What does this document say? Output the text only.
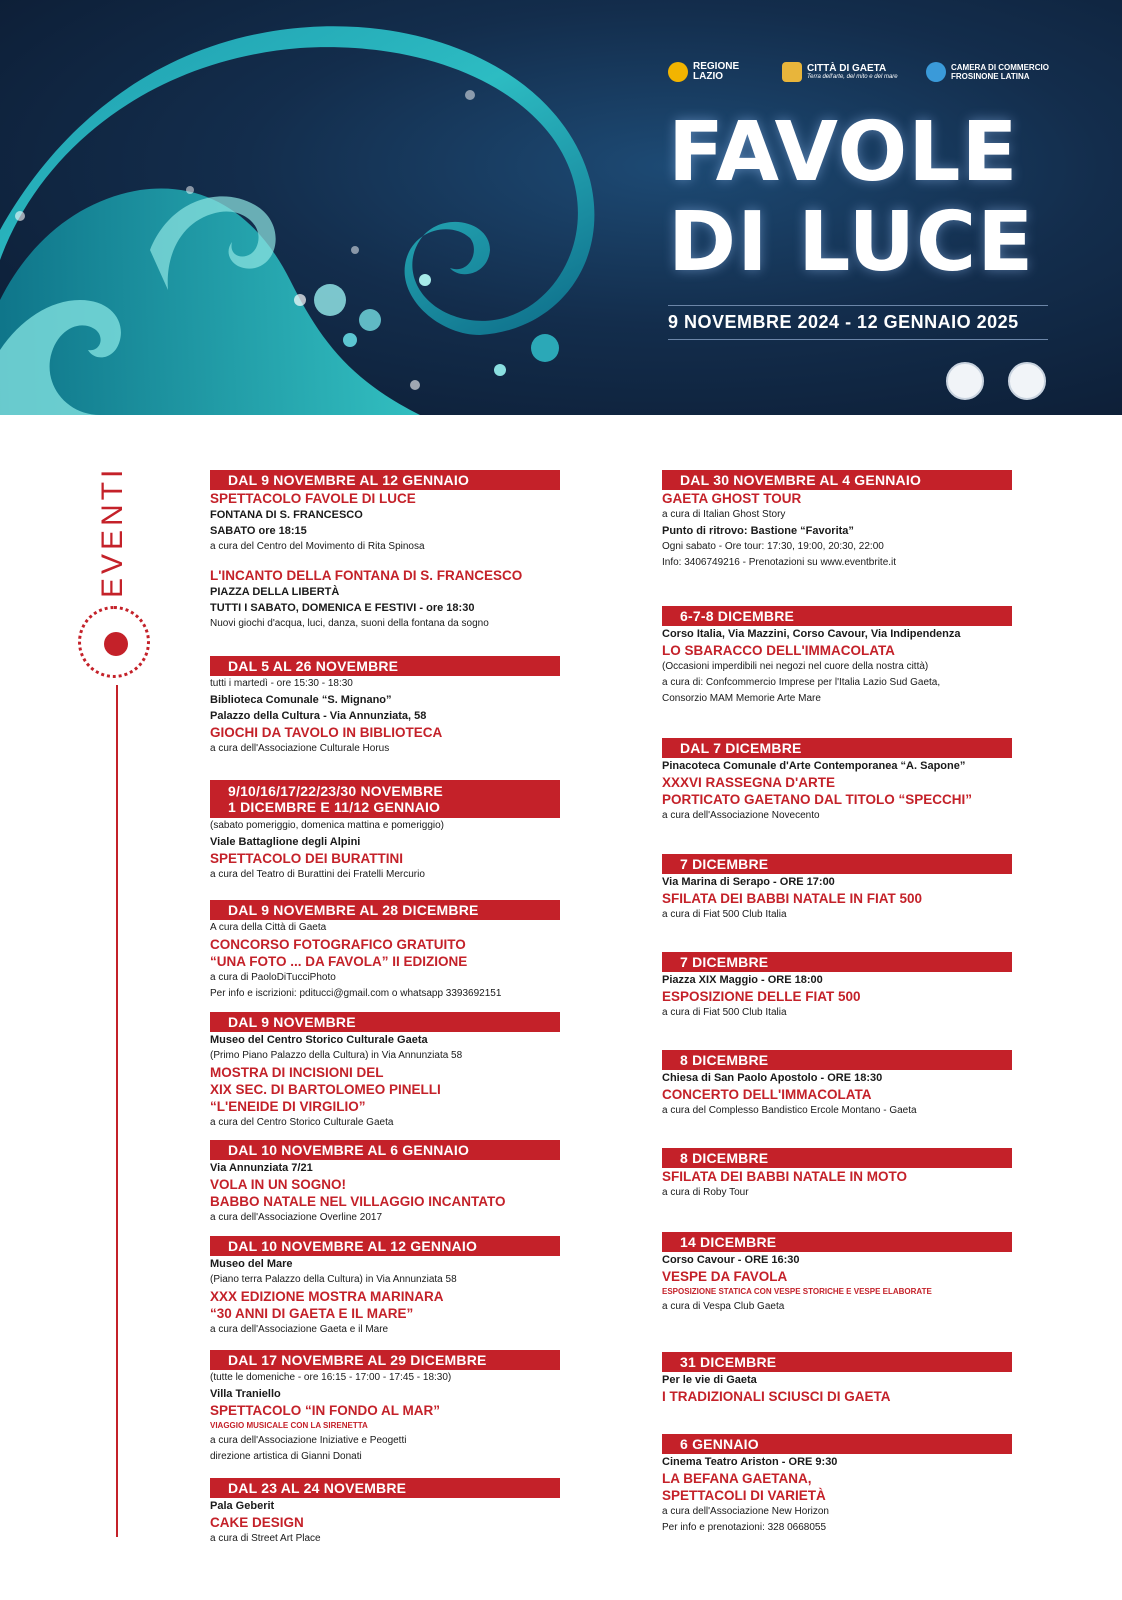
REGIONE
LAZIO
CITTÀ DI GAETA
Terra dell'arte, del mito e del mare
CAMERA DI COMMERCIO
FROSINONE LATINA
FAVOLE
DI LUCE
9 NOVEMBRE 2024 - 12 GENNAIO 2025
EVENTI	DAL 9 NOVEMBRE AL 12 GENNAIO
SPETTACOLO FAVOLE DI LUCE
FONTANA DI S. FRANCESCO
SABATO ore 18:15
a cura del Centro del Movimento di Rita Spinosa
L'INCANTO DELLA FONTANA DI S. FRANCESCO
PIAZZA DELLA LIBERTÀ
TUTTI I SABATO, DOMENICA E FESTIVI - ore 18:30
Nuovi giochi d'acqua, luci, danza, suoni della fontana da sogno
DAL 5 AL 26 NOVEMBRE
tutti i martedì - ore 15:30 - 18:30
Biblioteca Comunale “S. Mignano”
Palazzo della Cultura - Via Annunziata, 58
GIOCHI DA TAVOLO IN BIBLIOTECA
a cura dell'Associazione Culturale Horus
9/10/16/17/22/23/30 NOVEMBRE
1 DICEMBRE E 11/12 GENNAIO
(sabato pomeriggio, domenica mattina e pomeriggio)
Viale Battaglione degli Alpini
SPETTACOLO DEI BURATTINI
a cura del Teatro di Burattini dei Fratelli Mercurio
DAL 9 NOVEMBRE AL 28 DICEMBRE
A cura della Città di Gaeta
CONCORSO FOTOGRAFICO GRATUITO
“UNA FOTO ... DA FAVOLA” II EDIZIONE
a cura di PaoloDiTucciPhoto
Per info e iscrizioni: pditucci@gmail.com o whatsapp 3393692151
DAL 9 NOVEMBRE
Museo del Centro Storico Culturale Gaeta
(Primo Piano Palazzo della Cultura) in Via Annunziata 58
MOSTRA DI INCISIONI DEL
XIX SEC. DI BARTOLOMEO PINELLI
“L'ENEIDE DI VIRGILIO”
a cura del Centro Storico Culturale Gaeta
DAL 10 NOVEMBRE AL 6 GENNAIO
Via Annunziata 7/21
VOLA IN UN SOGNO!
BABBO NATALE NEL VILLAGGIO INCANTATO
a cura dell'Associazione Overline 2017
DAL 10 NOVEMBRE AL 12 GENNAIO
Museo del Mare
(Piano terra Palazzo della Cultura) in Via Annunziata 58
XXX EDIZIONE MOSTRA MARINARA
“30 ANNI DI GAETA E IL MARE”
a cura dell'Associazione Gaeta e il Mare
DAL 17 NOVEMBRE AL 29 DICEMBRE
(tutte le domeniche - ore 16:15 - 17:00 - 17:45 - 18:30)
Villa Traniello
SPETTACOLO “IN FONDO AL MAR”
VIAGGIO MUSICALE CON LA SIRENETTA
a cura dell'Associazione Iniziative e Peogetti
direzione artistica di Gianni Donati
DAL 23 AL 24 NOVEMBRE
Pala Geberit
CAKE DESIGN
a cura di Street Art Place
DAL 30 NOVEMBRE AL 4 GENNAIO
GAETA GHOST TOUR
a cura di Italian Ghost Story
Punto di ritrovo: Bastione “Favorita”
Ogni sabato - Ore tour: 17:30, 19:00, 20:30, 22:00
Info: 3406749216 - Prenotazioni su www.eventbrite.it
6-7-8 DICEMBRE
Corso Italia, Via Mazzini, Corso Cavour, Via Indipendenza
LO SBARACCO DELL'IMMACOLATA
(Occasioni imperdibili nei negozi nel cuore della nostra città)
a cura di: Confcommercio Imprese per l'Italia Lazio Sud Gaeta,
Consorzio MAM Memorie Arte Mare
DAL 7 DICEMBRE
Pinacoteca Comunale d'Arte Contemporanea “A. Sapone”
XXXVI RASSEGNA D'ARTE
PORTICATO GAETANO DAL TITOLO “SPECCHI”
a cura dell'Associazione Novecento
7 DICEMBRE
Via Marina di Serapo - ORE 17:00
SFILATA DEI BABBI NATALE IN FIAT 500
a cura di Fiat 500 Club Italia
7 DICEMBRE
Piazza XIX Maggio - ORE 18:00
ESPOSIZIONE DELLE FIAT 500
a cura di Fiat 500 Club Italia
8 DICEMBRE
Chiesa di San Paolo Apostolo - ORE 18:30
CONCERTO DELL'IMMACOLATA
a cura del Complesso Bandistico Ercole Montano - Gaeta
8 DICEMBRE
SFILATA DEI BABBI NATALE IN MOTO
a cura di Roby Tour
14 DICEMBRE
Corso Cavour - ORE 16:30
VESPE DA FAVOLA
ESPOSIZIONE STATICA CON VESPE STORICHE E VESPE ELABORATE
a cura di Vespa Club Gaeta
31 DICEMBRE
Per le vie di Gaeta
I TRADIZIONALI SCIUSCI DI GAETA
6 GENNAIO
Cinema Teatro Ariston - ORE 9:30
LA BEFANA GAETANA,
SPETTACOLI DI VARIETÀ
a cura dell'Associazione New Horizon
Per info e prenotazioni: 328 0668055
